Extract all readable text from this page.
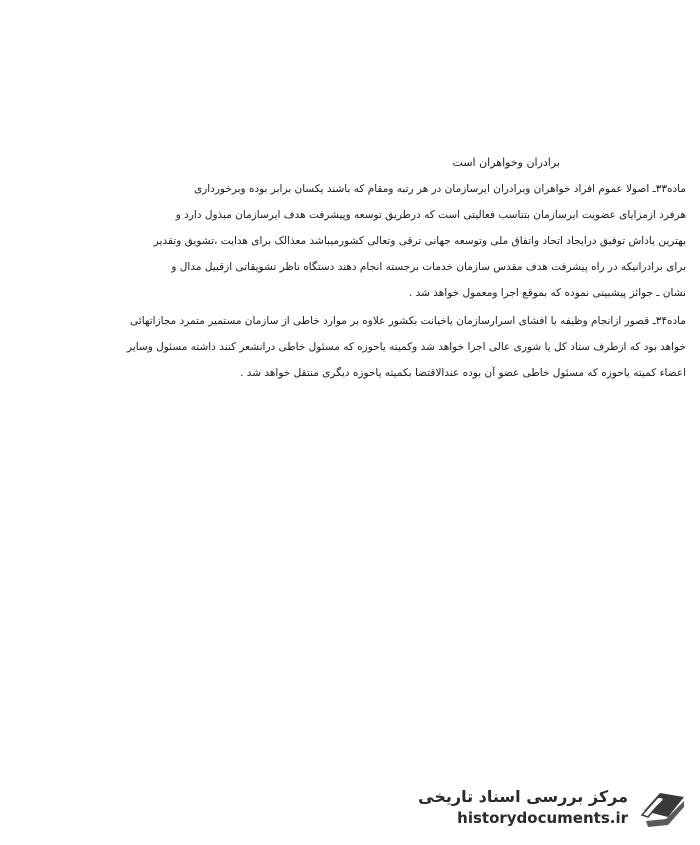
برادران وخواهران است
ماده۳۳ـ اصولا عموم افراد خواهران وبرادران ایرسازمان در هر رتبه ومقام که باشند یکسان برابر بوده وبرخورداری
هرفرد ازمزایای عضویت ایرسازمان بتناسب فعالیتی است که درطریق توسعه وپیشرفت هدف ایرسازمان مبذول دارد و
بهترین یاداش توفیق درایجاد اتحاد واتفاق ملی وتوسعه جهانی ترقی وتعالی کشورمیباشد معذالک برای هدایت ،تشویق وتقدیر
برای برادرانیکه در راه پیشرفت هدف مقدس سازمان خدمات برجسته انجام دهند دستگاه ناظر تشویقاتی ازقبیل مدال و
نشان ـ جوائز پیشبینی نموده که بموقع اجرا ومعمول خواهد شد .
ماده۳۴ـ قصور ازانجام وظیفه یا افشای اسرارسازمان یاخیانت بکشور علاوه بر موارد خاطی از سازمان مستمیر متمرد مجازاتهائی
خواهد بود که ازطرف ستاد کل یا شوری عالی اجرا خواهد شد وکمیته یاحوزه که مسئول خاطی درانشعر کنند داشته مسئول وسایر
اعضاء کمیته یاحوزه که مسئول خاطی عضو آن بوده عندالاقتضا بکمیته یاحوزه دیگری منتقل خواهد شد .
مرکز بررسی اسناد تاریخی
historydocuments.ir
